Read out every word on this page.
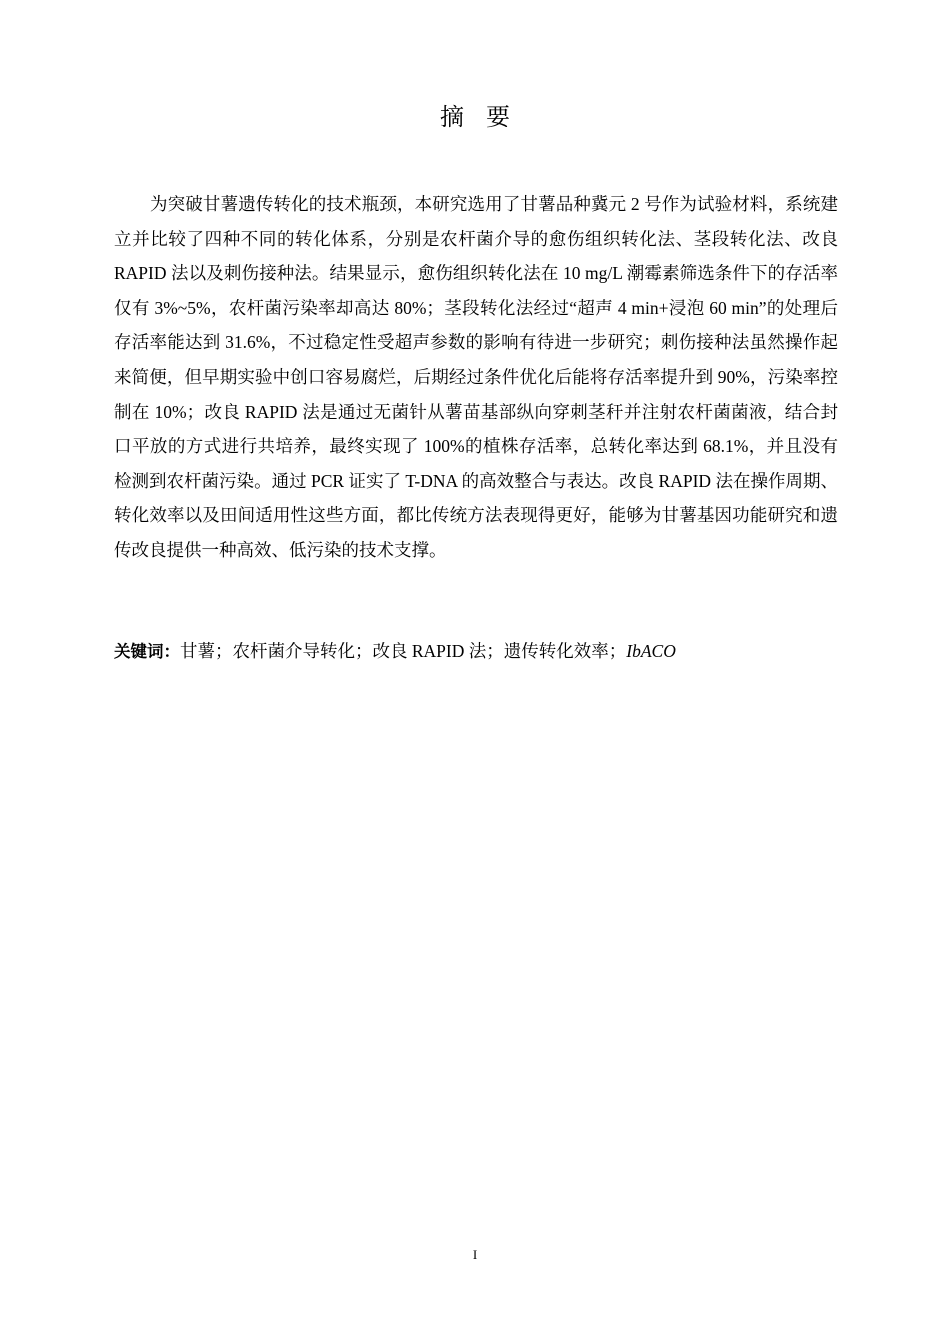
摘要
为突破甘薯遗传转化的技术瓶颈，本研究选用了甘薯品种冀元 2 号作为试验材料，系统建立并比较了四种不同的转化体系，分别是农杆菌介导的愈伤组织转化法、茎段转化法、改良 RAPID 法以及刺伤接种法。结果显示，愈伤组织转化法在 10 mg/L 潮霉素筛选条件下的存活率仅有 3%~5%，农杆菌污染率却高达 80%；茎段转化法经过“超声 4 min+浸泡 60 min”的处理后存活率能达到 31.6%，不过稳定性受超声参数的影响有待进一步研究；刺伤接种法虽然操作起来简便，但早期实验中创口容易腐烂，后期经过条件优化后能将存活率提升到 90%，污染率控制在 10%；改良 RAPID 法是通过无菌针从薯苗基部纵向穿刺茎秆并注射农杆菌菌液，结合封口平放的方式进行共培养，最终实现了 100%的植株存活率，总转化率达到 68.1%，并且没有检测到农杆菌污染。通过 PCR 证实了 T-DNA 的高效整合与表达。改良 RAPID 法在操作周期、转化效率以及田间适用性这些方面，都比传统方法表现得更好，能够为甘薯基因功能研究和遗传改良提供一种高效、低污染的技术支撑。
关键词：甘薯；农杆菌介导转化；改良 RAPID 法；遗传转化效率；IbACO
I
